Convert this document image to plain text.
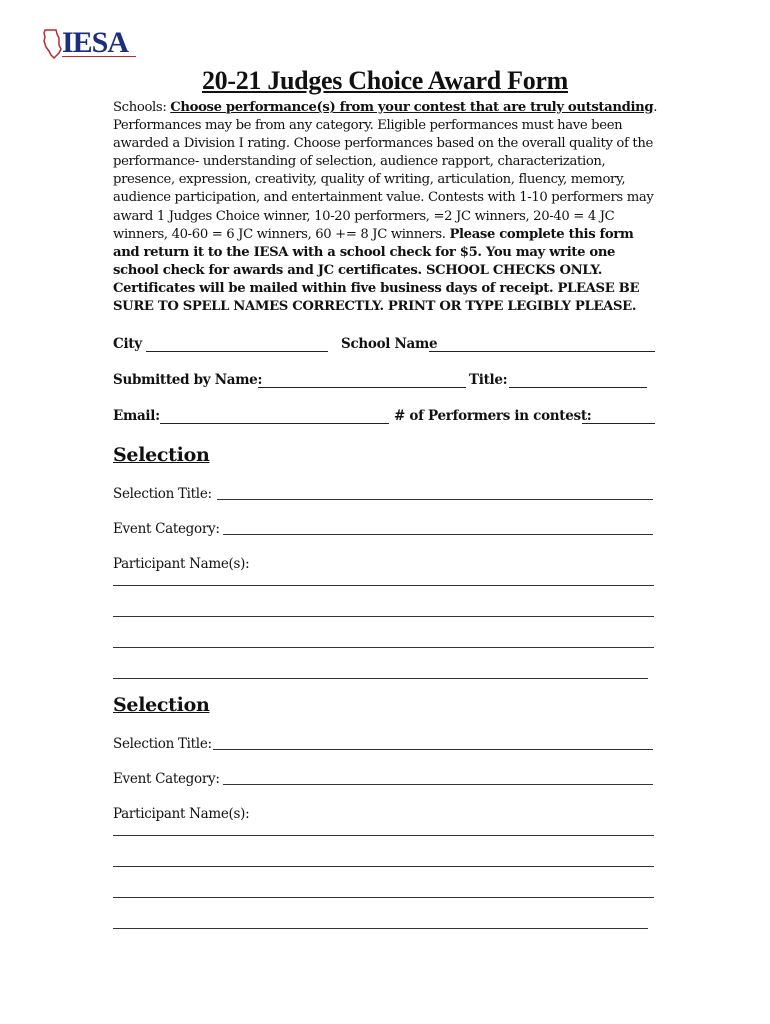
IESA
20-21 Judges Choice Award Form
Schools: Choose performance(s) from your contest that are truly outstanding. Performances may be from any category. Eligible performances must have been awarded a Division I rating. Choose performances based on the overall quality of the performance- understanding of selection, audience rapport, characterization, presence, expression, creativity, quality of writing, articulation, fluency, memory, audience participation, and entertainment value. Contests with 1-10 performers may award 1 Judges Choice winner, 10-20 performers, =2 JC winners, 20-40 = 4 JC winners, 40-60 = 6 JC winners, 60 += 8 JC winners. Please complete this form and return it to the IESA with a school check for $5. You may write one school check for awards and JC certificates. SCHOOL CHECKS ONLY. Certificates will be mailed within five business days of receipt. PLEASE BE SURE TO SPELL NAMES CORRECTLY. PRINT OR TYPE LEGIBLY PLEASE.
City	School Name
Submitted by Name:	Title:
Email:	# of Performers in contest:
Selection
Selection Title:
Event Category:
Participant Name(s):
Selection
Selection Title:
Event Category:
Participant Name(s):
